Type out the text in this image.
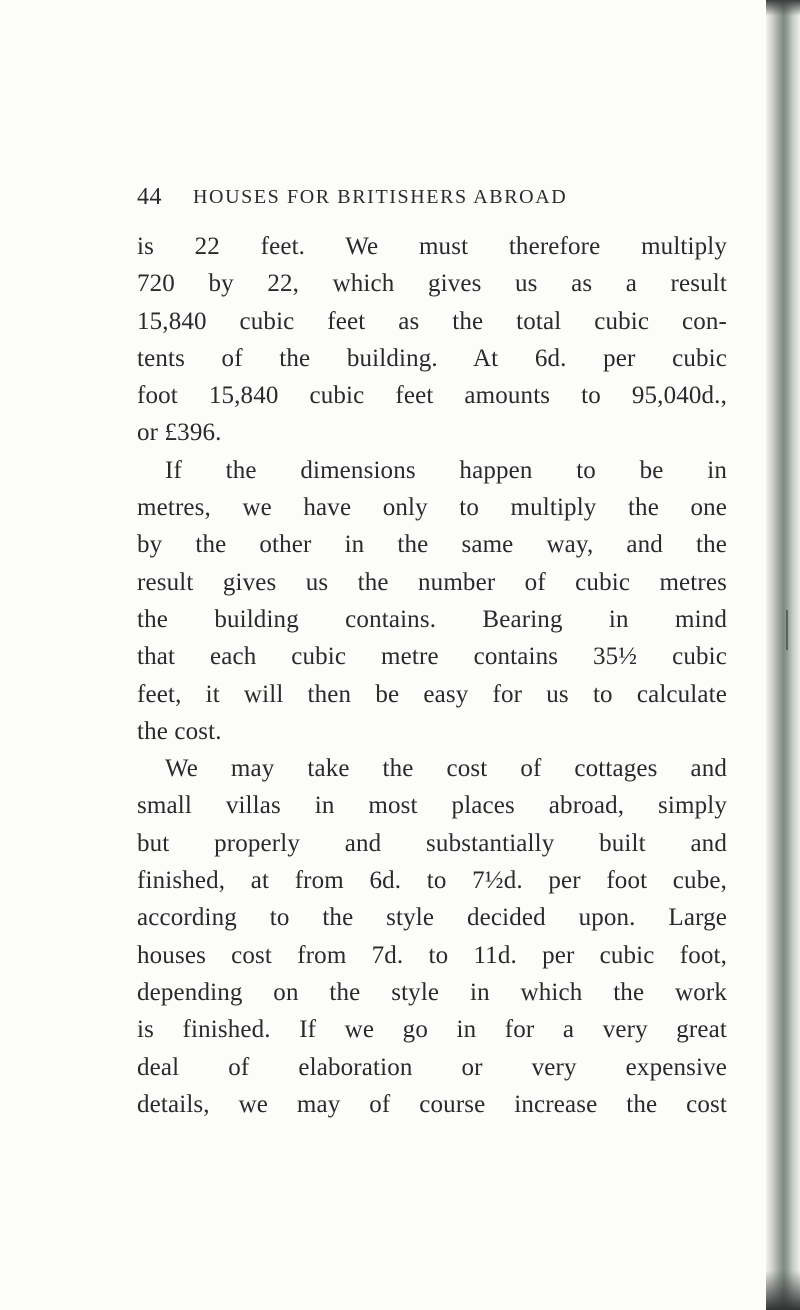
44 HOUSES FOR BRITISHERS ABROAD
is 22 feet. We must therefore multiply
720 by 22, which gives us as a result
15,840 cubic feet as the total cubic con-
tents of the building. At 6d. per cubic
foot 15,840 cubic feet amounts to 95,040d.,
or £396.
If the dimensions happen to be in
metres, we have only to multiply the one
by the other in the same way, and the
result gives us the number of cubic metres
the building contains. Bearing in mind
that each cubic metre contains 35½ cubic
feet, it will then be easy for us to calculate
the cost.
We may take the cost of cottages and
small villas in most places abroad, simply
but properly and substantially built and
finished, at from 6d. to 7½d. per foot cube,
according to the style decided upon. Large
houses cost from 7d. to 11d. per cubic foot,
depending on the style in which the work
is finished. If we go in for a very great
deal of elaboration or very expensive
details, we may of course increase the cost
